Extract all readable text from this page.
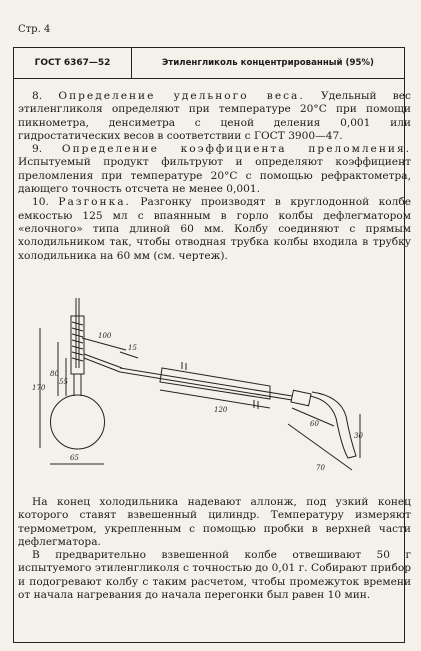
Стр. 4
ГОСТ 6367—52	Этиленгликоль концентрированный (95%)

8. Определение удельного веса. Удельный вес этиленгликоля определяют при температуре 20°С при помощи пикнометра, денсиметра с ценой деления 0,001 или гидростатических весов в соответствии с ГОСТ 3900—47.

9. Определение коэффициента преломления. Испытуемый продукт фильтруют и определяют коэффициент преломления при температуре 20°С с помощью рефрактометра, дающего точность отсчета не менее 0,001.

10. Разгонка. Разгонку производят в круглодонной колбе емкостью 125 мл с впаянным в горло колбы дефлегматором «елочного» типа длиной 60 мм. Колбу соединяют с прямым холодильником так, чтобы отводная трубка колбы входила в трубку холодильника на 60 мм (см. чертеж).

170
80
55
65
100
15
120
60
30
70

На конец холодильника надевают аллонж, под узкий конец которого ставят взвешенный цилиндр. Температуру измеряют термометром, укрепленным с помощью пробки в верхней части дефлегматора.

В предварительно взвешенной колбе отвешивают 50 г испытуемого этиленгликоля с точностью до 0,01 г. Собирают прибор и подогревают колбу с таким расчетом, чтобы промежуток времени от начала нагревания до начала перегонки был равен 10 мин.
